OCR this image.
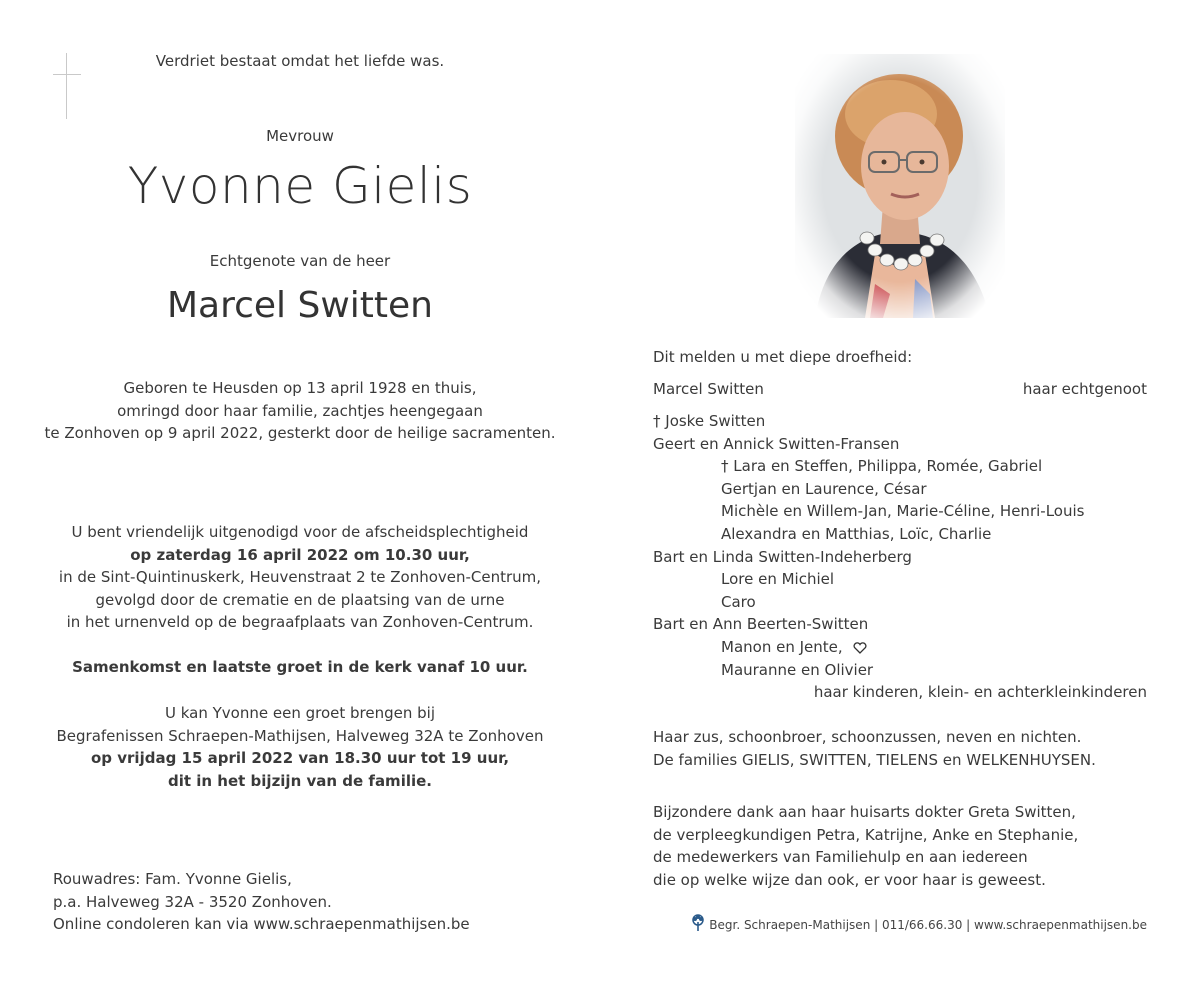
Verdriet bestaat omdat het liefde was.
Mevrouw
Yvonne Gielis
Echtgenote van de heer
Marcel Switten
Geboren te Heusden op 13 april 1928 en thuis,
omringd door haar familie, zachtjes heengegaan
te Zonhoven op 9 april 2022, gesterkt door de heilige sacramenten.
U bent vriendelijk uitgenodigd voor de afscheidsplechtigheid
op zaterdag 16 april 2022 om 10.30 uur,
in de Sint-Quintinuskerk, Heuvenstraat 2 te Zonhoven-Centrum,
gevolgd door de crematie en de plaatsing van de urne
in het urnenveld op de begraafplaats van Zonhoven-Centrum.
Samenkomst en laatste groet in de kerk vanaf 10 uur.
U kan Yvonne een groet brengen bij
Begrafenissen Schraepen-Mathijsen, Halveweg 32A te Zonhoven
op vrijdag 15 april 2022 van 18.30 uur tot 19 uur,
dit in het bijzijn van de familie.
Rouwadres: Fam. Yvonne Gielis,
p.a. Halveweg 32A - 3520 Zonhoven.
Online condoleren kan via www.schraepenmathijsen.be
Dit melden u met diepe droefheid:
Marcel Switten	haar echtgenoot
† Joske Switten
Geert en Annick Switten-Fransen
† Lara en Steffen, Philippa, Romée, Gabriel
Gertjan en Laurence, César
Michèle en Willem-Jan, Marie-Céline, Henri-Louis
Alexandra en Matthias, Loïc, Charlie
Bart en Linda Switten-Indeherberg
Lore en Michiel
Caro
Bart en Ann Beerten-Switten
Manon en Jente,
Mauranne en Olivier
haar kinderen, klein- en achterkleinkinderen
Haar zus, schoonbroer, schoonzussen, neven en nichten.
De families GIELIS, SWITTEN, TIELENS en WELKENHUYSEN.
Bijzondere dank aan haar huisarts dokter Greta Switten,
de verpleegkundigen Petra, Katrijne, Anke en Stephanie,
de medewerkers van Familiehulp en aan iedereen
die op welke wijze dan ook, er voor haar is geweest.
Begr. Schraepen-Mathijsen | 011/66.66.30 | www.schraepenmathijsen.be
